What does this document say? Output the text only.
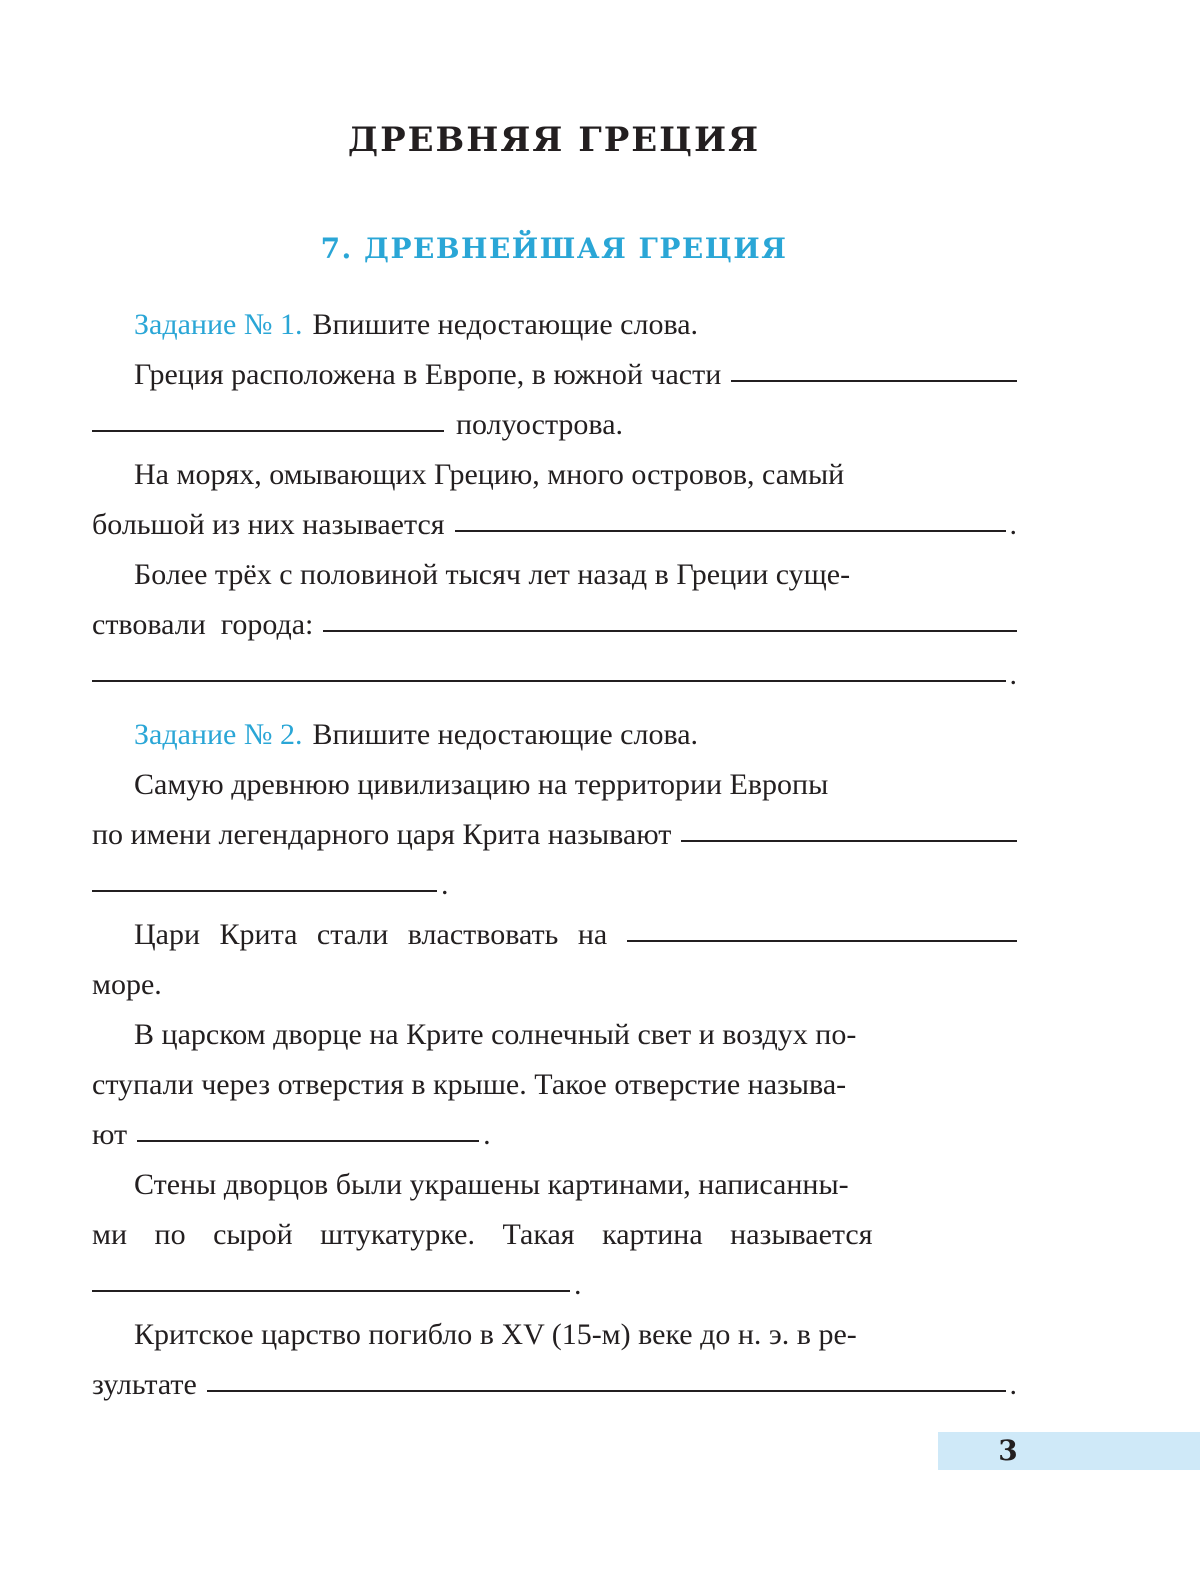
ДРЕВНЯЯ ГРЕЦИЯ
7. ДРЕВНЕЙШАЯ ГРЕЦИЯ
Задание № 1. Впишите недостающие слова.
Греция расположена в Европе, в южной части
полуострова.
На морях, омывающих Грецию, много островов, самый
большой из них называется	.
Более трёх с половиной тысяч лет назад в Греции суще-
ствовали  города:
.
Задание № 2. Впишите недостающие слова.
Самую древнюю цивилизацию на территории Европы
по имени легендарного царя Крита называют
.
Цари Крита стали властвовать на
море.
В царском дворце на Крите солнечный свет и воздух по-
ступали через отверстия в крыше. Такое отверстие называ-
ют	.
Стены дворцов были украшены картинами, написанны-
ми по сырой штукатурке. Такая картина называется
.
Критское царство погибло в XV (15-м) веке до н. э. в ре-
зультате	.
3
